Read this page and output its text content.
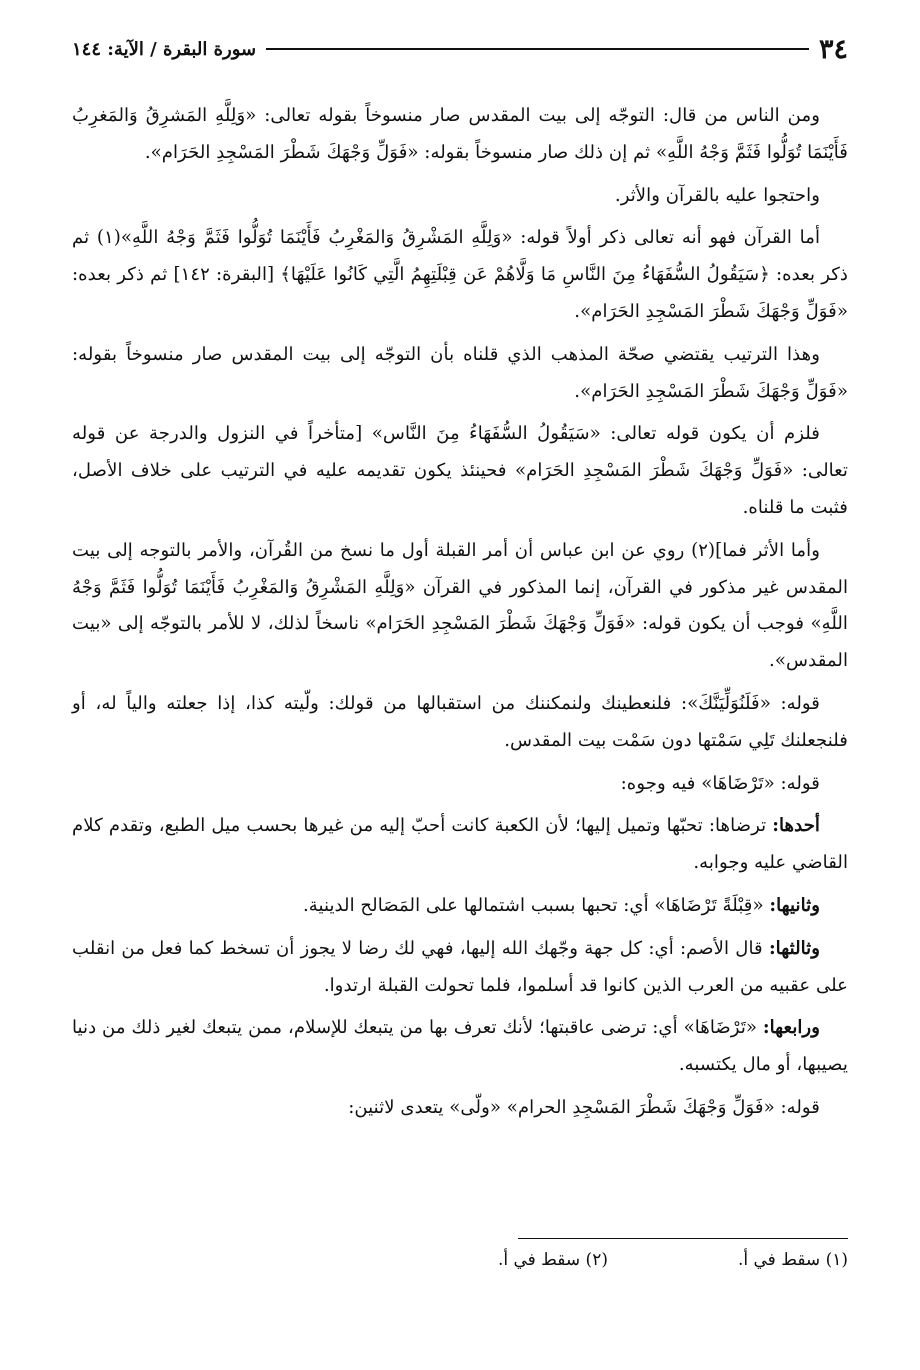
٣٤
سورة البقرة / الآية: ١٤٤

ومن الناس من قال: التوجّه إلى بيت المقدس صار منسوخاً بقوله تعالى: «وَلِلَّهِ المَشرِقُ وَالمَغرِبُ فَأَيْنَمَا تُوَلُّوا فَثَمَّ وَجْهُ اللَّهِ» ثم إن ذلك صار منسوخاً بقوله: «فَوَلِّ وَجْهَكَ شَطْرَ المَسْجِدِ الحَرَام».

واحتجوا عليه بالقرآن والأثر.

أما القرآن فهو أنه تعالى ذكر أولاً قوله: «وَلِلَّهِ المَشْرِقُ وَالمَغْرِبُ فَأَيْنَمَا تُوَلُّوا فَثَمَّ وَجْهُ اللَّهِ»(١) ثم ذكر بعده: ﴿سَيَقُولُ السُّفَهَاءُ مِنَ النَّاسِ مَا وَلَّاهُمْ عَن قِبْلَتِهِمُ الَّتِي كَانُوا عَلَيْهَا﴾ [البقرة: ١٤٢] ثم ذكر بعده: «فَوَلِّ وَجْهَكَ شَطْرَ المَسْجِدِ الحَرَام».

وهذا الترتيب يقتضي صحّة المذهب الذي قلناه بأن التوجّه إلى بيت المقدس صار منسوخاً بقوله: «فَوَلِّ وَجْهَكَ شَطْرَ المَسْجِدِ الحَرَام».

فلزم أن يكون قوله تعالى: «سَيَقُولُ السُّفَهَاءُ مِنَ النَّاس» [متأخراً في النزول والدرجة عن قوله تعالى: «فَوَلِّ وَجْهَكَ شَطْرَ المَسْجِدِ الحَرَام» فحينئذ يكون تقديمه عليه في الترتيب على خلاف الأصل، فثبت ما قلناه.

وأما الأثر فما](٢) روي عن ابن عباس أن أمر القبلة أول ما نسخ من القُرآن، والأمر بالتوجه إلى بيت المقدس غير مذكور في القرآن، إنما المذكور في القرآن «وَلِلَّهِ المَشْرِقُ وَالمَغْرِبُ فَأَيْنَمَا تُوَلُّوا فَثَمَّ وَجْهُ اللَّهِ» فوجب أن يكون قوله: «فَوَلِّ وَجْهَكَ شَطْرَ المَسْجِدِ الحَرَام» ناسخاً لذلك، لا للأمر بالتوجّه إلى «بيت المقدس».

قوله: «فَلَنُوَلِّيَنَّكَ»: فلنعطينك ولنمكننك من استقبالها من قولك: ولّيته كذا، إذا جعلته والياً له، أو فلنجعلنك تَلِي سَمْتها دون سَمْت بيت المقدس.

قوله: «تَرْضَاهَا» فيه وجوه:

أحدها: ترضاها: تحبّها وتميل إليها؛ لأن الكعبة كانت أحبّ إليه من غيرها بحسب ميل الطبع، وتقدم كلام القاضي عليه وجوابه.

وثانيها: «قِبْلَةً تَرْضَاهَا» أي: تحبها بسبب اشتمالها على المَصَالح الدينية.

وثالثها: قال الأصم: أي: كل جهة وجّهك الله إليها، فهي لك رضا لا يجوز أن تسخط كما فعل من انقلب على عقبيه من العرب الذين كانوا قد أسلموا، فلما تحولت القبلة ارتدوا.

ورابعها: «تَرْضَاهَا» أي: ترضى عاقبتها؛ لأنك تعرف بها من يتبعك للإسلام، ممن يتبعك لغير ذلك من دنيا يصيبها، أو مال يكتسبه.

قوله: «فَوَلِّ وَجْهَكَ شَطْرَ المَسْجِدِ الحرام» «ولّى» يتعدى لاثنين:

(١) سقط في أ.
(٢) سقط في أ.
